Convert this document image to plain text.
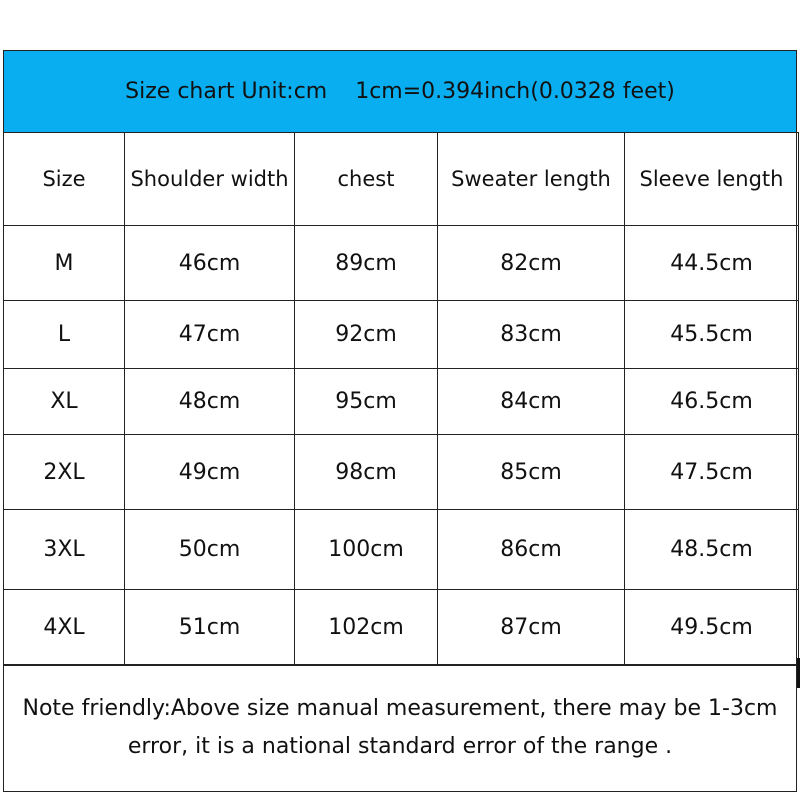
Size chart Unit:cm    1cm=0.394inch(0.0328 feet)
Size	Shoulder width	chest	Sweater length	Sleeve length
M	46cm	89cm	82cm	44.5cm
L	47cm	92cm	83cm	45.5cm
XL	48cm	95cm	84cm	46.5cm
2XL	49cm	98cm	85cm	47.5cm
3XL	50cm	100cm	86cm	48.5cm
4XL	51cm	102cm	87cm	49.5cm
Note friendly:Above size manual measurement, there may be 1-3cm
error, it is a national standard error of the range .
